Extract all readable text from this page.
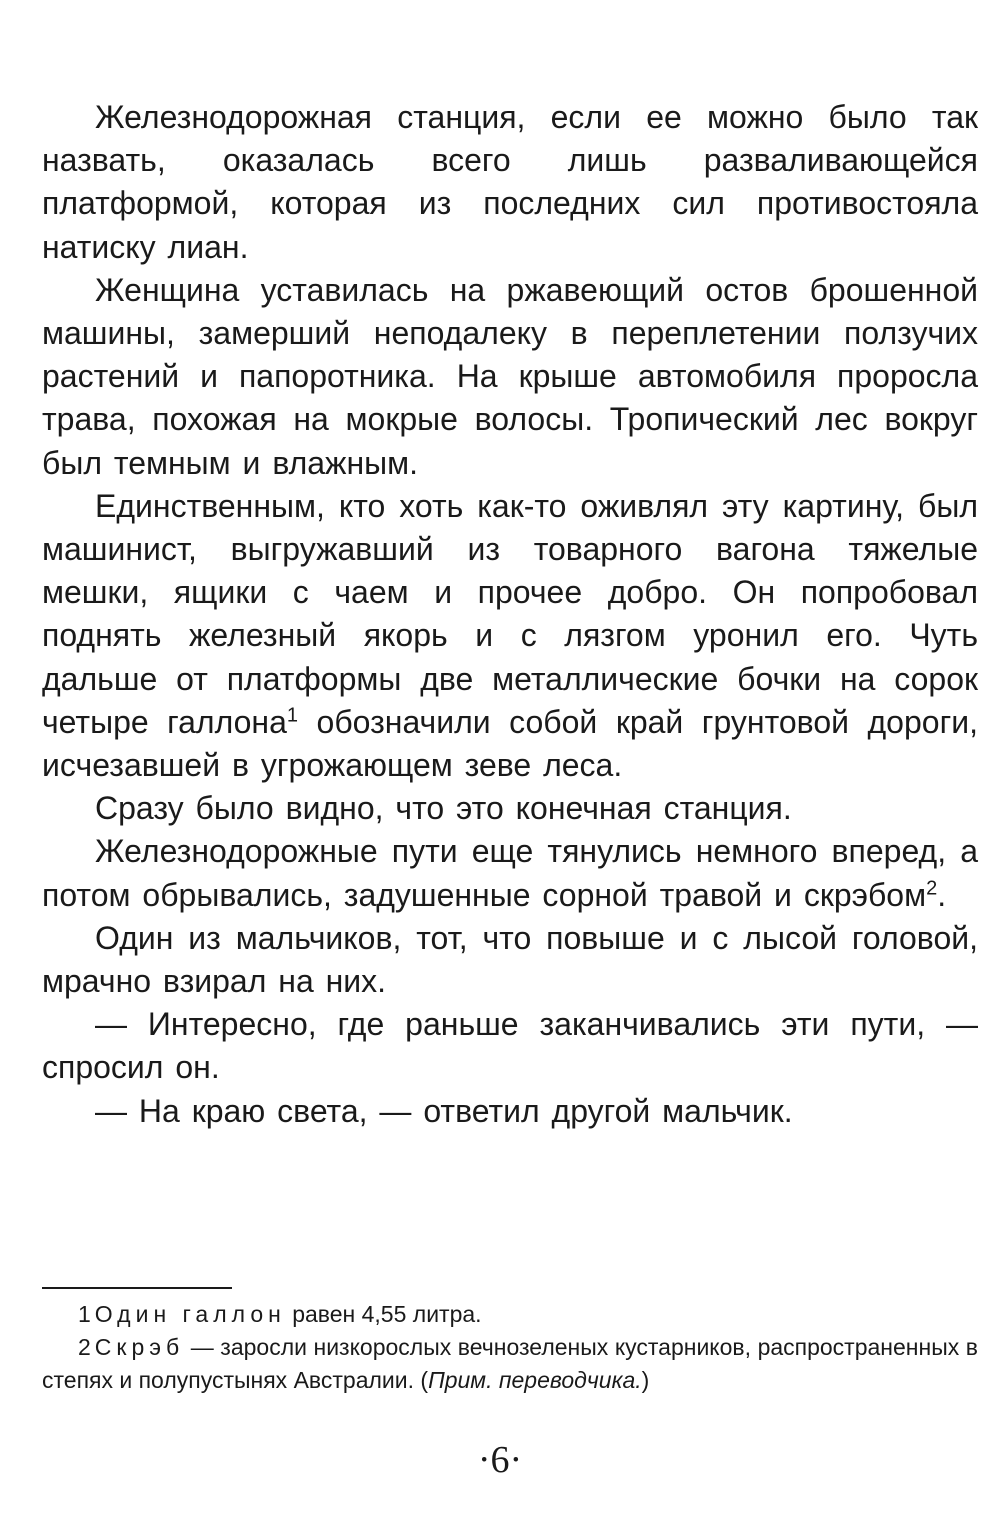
Железнодорожная станция, если ее можно было так назвать, оказалась всего лишь разваливающейся платформой, которая из последних сил противостояла натиску лиан.

Женщина уставилась на ржавеющий остов брошенной машины, замерший неподалеку в переплетении ползучих растений и папоротника. На крыше автомобиля проросла трава, похожая на мокрые волосы. Тропический лес вокруг был темным и влажным.

Единственным, кто хоть как-то оживлял эту картину, был машинист, выгружавший из товарного вагона тяжелые мешки, ящики с чаем и прочее добро. Он попробовал поднять железный якорь и с лязгом уронил его. Чуть дальше от платформы две металлические бочки на сорок четыре галлона$^1$ обозначили собой край грунтовой дороги, исчезавшей в угрожающем зеве леса.

Сразу было видно, что это конечная станция.

Железнодорожные пути еще тянулись немного вперед, а потом обрывались, задушенные сорной травой и скрэбом$^2$.

Один из мальчиков, тот, что повыше и с лысой головой, мрачно взирал на них.

— Интересно, где раньше заканчивались эти пути, — спросил он.

— На краю света, — ответил другой мальчик.

1 Один галлон равен 4,55 литра.

2 Скрэб — заросли низкорослых вечнозеленых кустарников, распространенных в степях и полупустынях Австралии. (Прим. переводчика.)

·6·
